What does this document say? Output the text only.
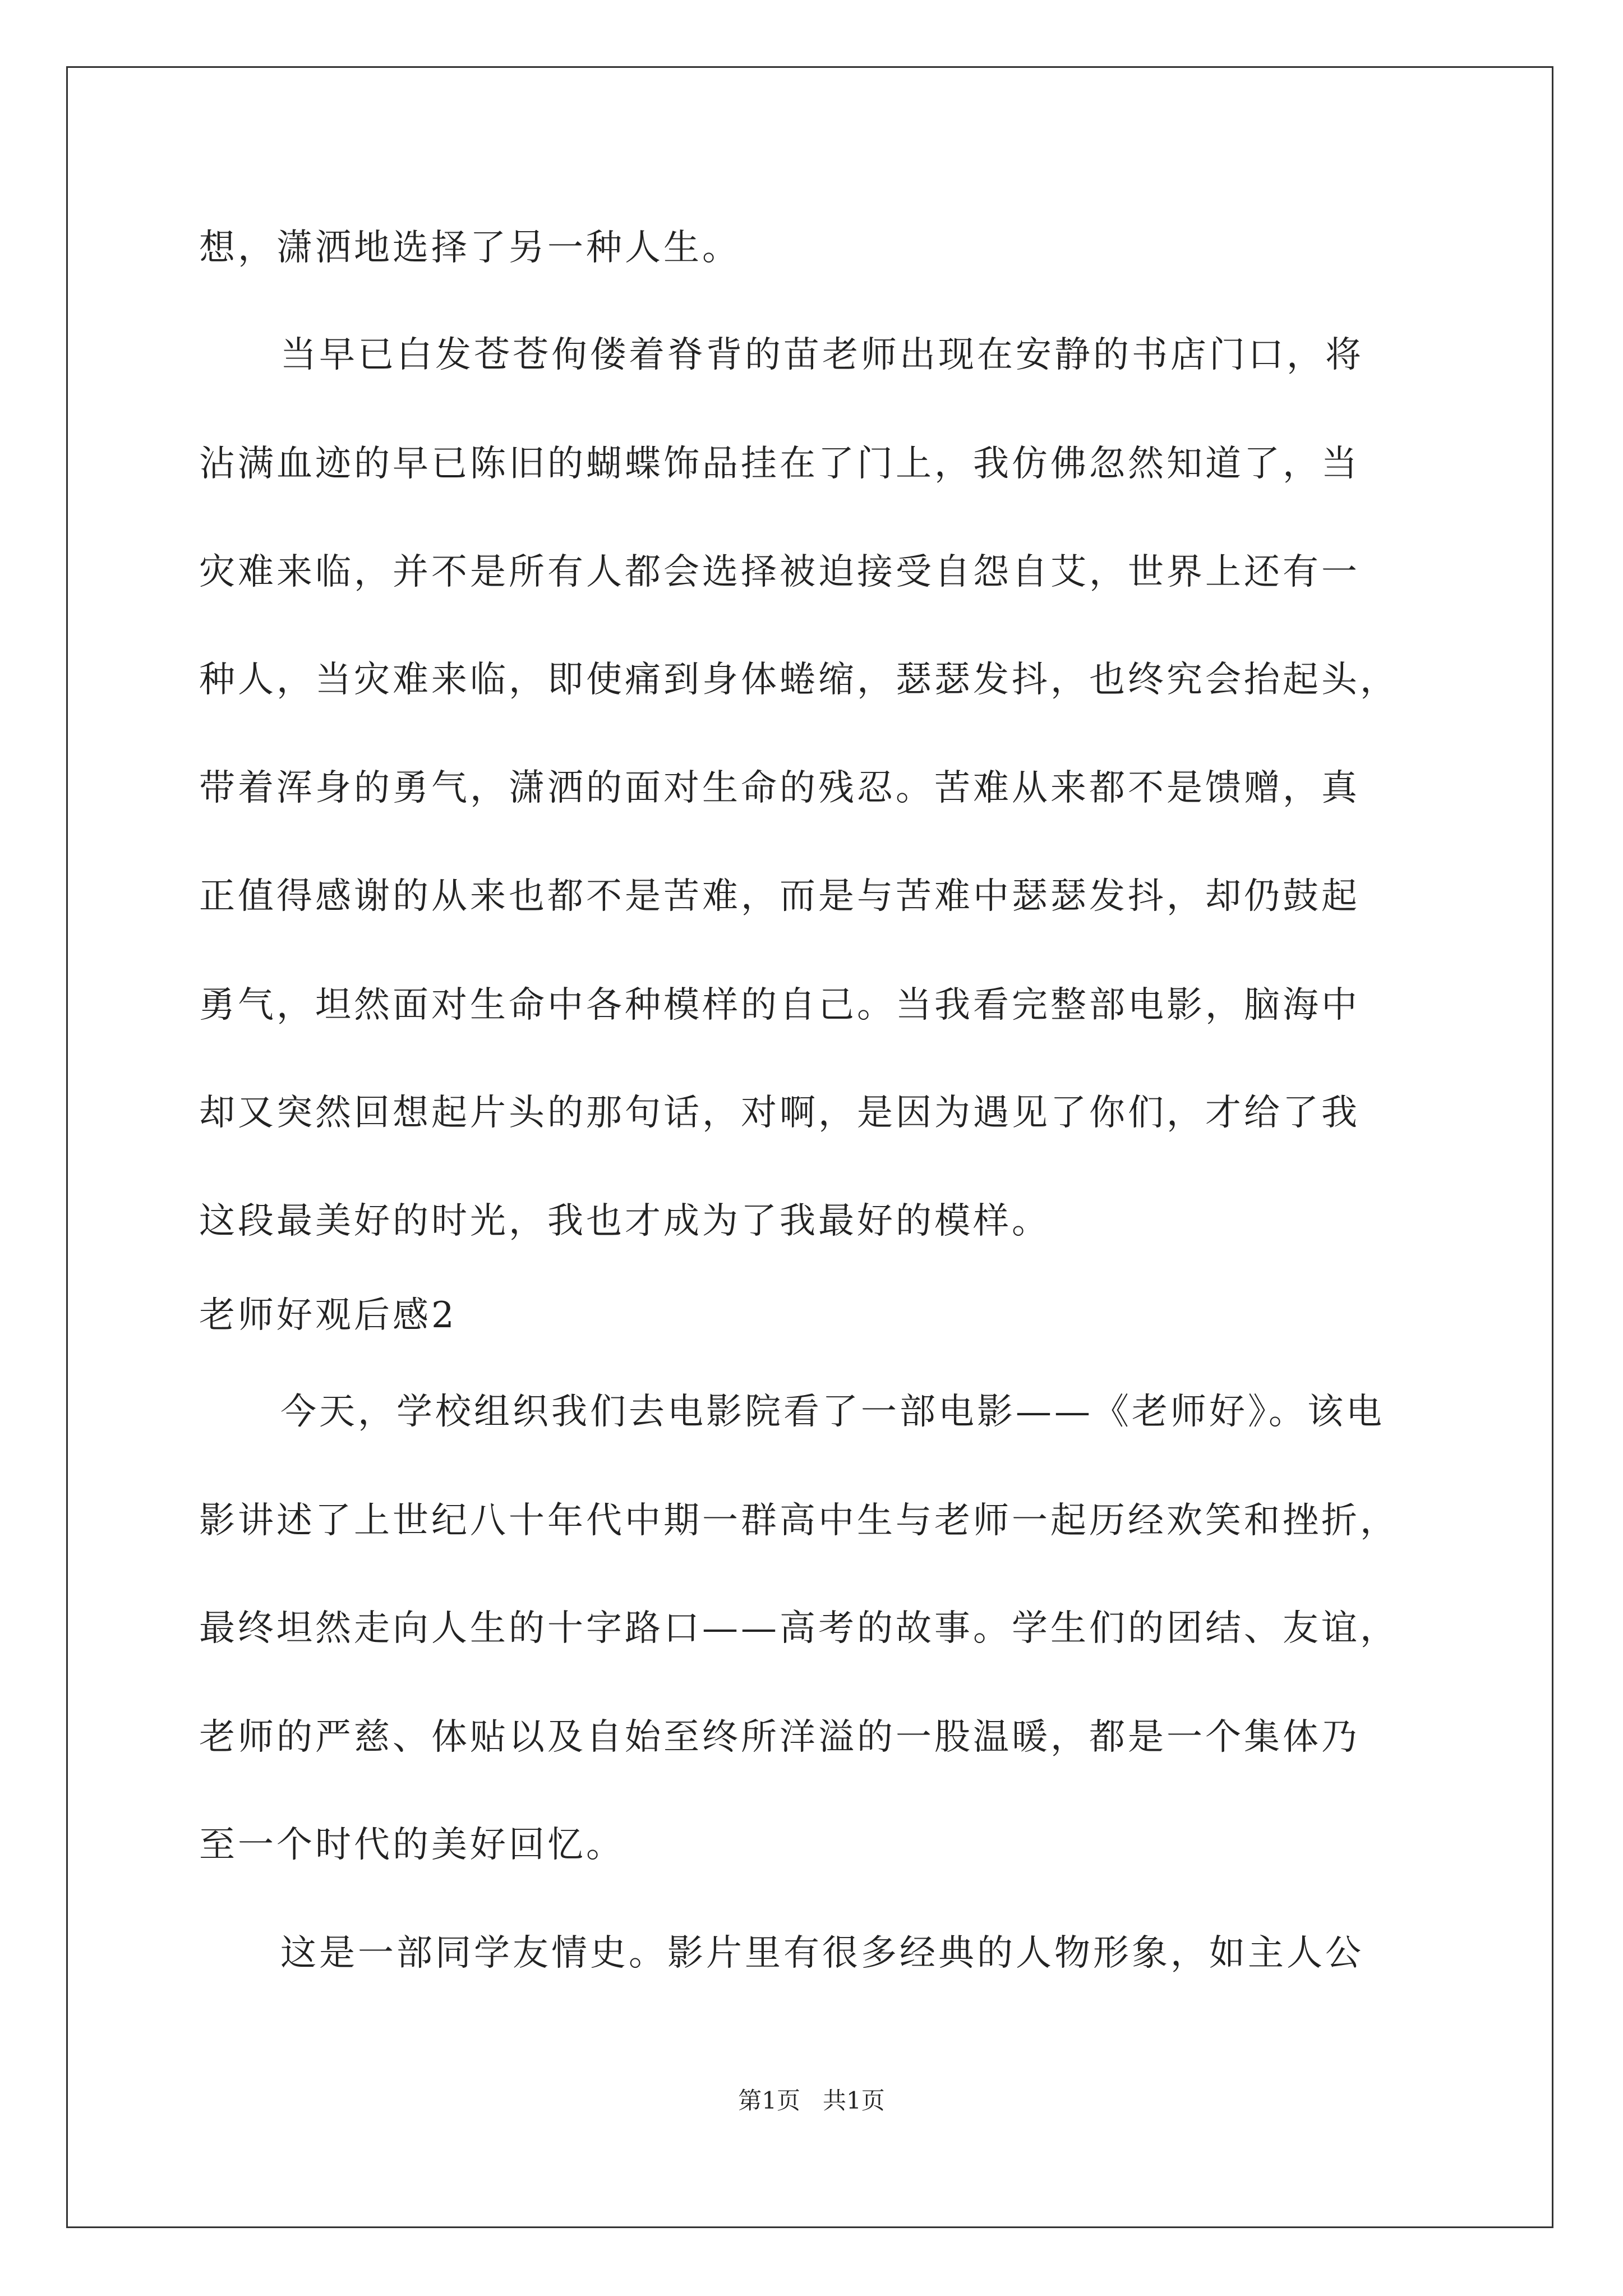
想，潇洒地选择了另一种人生。
当早已白发苍苍佝偻着脊背的苗老师出现在安静的书店门口，将
沾满血迹的早已陈旧的蝴蝶饰品挂在了门上，我仿佛忽然知道了，当
灾难来临，并不是所有人都会选择被迫接受自怨自艾，世界上还有一
种人，当灾难来临，即使痛到身体蜷缩，瑟瑟发抖，也终究会抬起头，
带着浑身的勇气，潇洒的面对生命的残忍。苦难从来都不是馈赠，真
正值得感谢的从来也都不是苦难，而是与苦难中瑟瑟发抖，却仍鼓起
勇气，坦然面对生命中各种模样的自己。当我看完整部电影，脑海中
却又突然回想起片头的那句话，对啊，是因为遇见了你们，才给了我
这段最美好的时光，我也才成为了我最好的模样。
老师好观后感2
今天，学校组织我们去电影院看了一部电影——《老师好》。该电
影讲述了上世纪八十年代中期一群高中生与老师一起历经欢笑和挫折，
最终坦然走向人生的十字路口——高考的故事。学生们的团结、友谊，
老师的严慈、体贴以及自始至终所洋溢的一股温暖，都是一个集体乃
至一个时代的美好回忆。
这是一部同学友情史。影片里有很多经典的人物形象，如主人公
第1页   共1页
